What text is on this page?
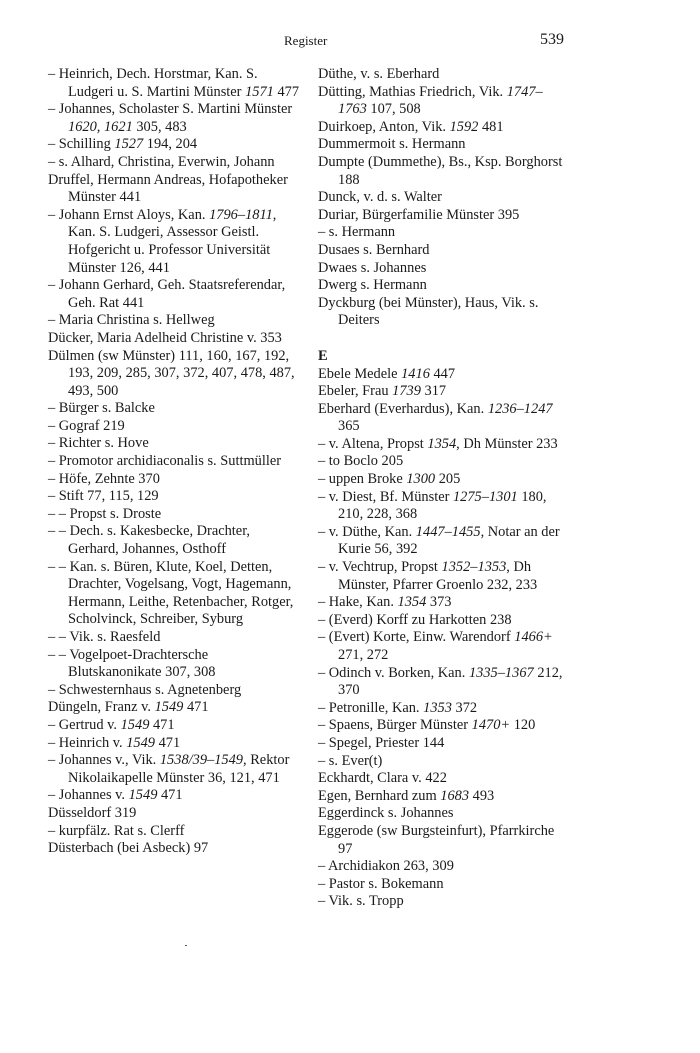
Register	539

– Heinrich, Dech. Horstmar, Kan. S. Ludgeri u. S. Martini Münster 1571 477

– Johannes, Scholaster S. Martini Münster 1620, 1621 305, 483

– Schilling 1527 194, 204

– s. Alhard, Christina, Everwin, Johann

Druffel, Hermann Andreas, Hofapotheker Münster 441

– Johann Ernst Aloys, Kan. 1796–1811, Kan. S. Ludgeri, Assessor Geistl. Hofgericht u. Professor Universität Münster 126, 441

– Johann Gerhard, Geh. Staatsreferendar, Geh. Rat 441

– Maria Christina s. Hellweg

Dücker, Maria Adelheid Christine v. 353

Dülmen (sw Münster) 111, 160, 167, 192, 193, 209, 285, 307, 372, 407, 478, 487, 493, 500

– Bürger s. Balcke

– Gograf 219

– Richter s. Hove

– Promotor archidiaconalis s. Suttmüller

– Höfe, Zehnte 370

– Stift 77, 115, 129

– – Propst s. Droste

– – Dech. s. Kakesbecke, Drachter, Gerhard, Johannes, Osthoff

– – Kan. s. Büren, Klute, Koel, Detten, Drachter, Vogelsang, Vogt, Hagemann, Hermann, Leithe, Retenbacher, Rotger, Scholvinck, Schreiber, Syburg

– – Vik. s. Raesfeld

– – Vogelpoet-Drachtersche Blutskanonikate 307, 308

– Schwesternhaus s. Agnetenberg

Düngeln, Franz v. 1549 471

– Gertrud v. 1549 471

– Heinrich v. 1549 471

– Johannes v., Vik. 1538/39–1549, Rektor Nikolaikapelle Münster 36, 121, 471

– Johannes v. 1549 471

Düsseldorf 319

– kurpfälz. Rat s. Clerff

Düsterbach (bei Asbeck) 97

Düthe, v. s. Eberhard

Dütting, Mathias Friedrich, Vik. 1747–1763 107, 508

Duirkoep, Anton, Vik. 1592 481

Dummermoit s. Hermann

Dumpte (Dummethe), Bs., Ksp. Borghorst 188

Dunck, v. d. s. Walter

Duriar, Bürgerfamilie Münster 395

– s. Hermann

Dusaes s. Bernhard

Dwaes s. Johannes

Dwerg s. Hermann

Dyckburg (bei Münster), Haus, Vik. s. Deiters

E

Ebele Medele 1416 447

Ebeler, Frau 1739 317

Eberhard (Everhardus), Kan. 1236–1247 365

– v. Altena, Propst 1354, Dh Münster 233

– to Boclo 205

– uppen Broke 1300 205

– v. Diest, Bf. Münster 1275–1301 180, 210, 228, 368

– v. Düthe, Kan. 1447–1455, Notar an der Kurie 56, 392

– v. Vechtrup, Propst 1352–1353, Dh Münster, Pfarrer Groenlo 232, 233

– Hake, Kan. 1354 373

– (Everd) Korff zu Harkotten 238

– (Evert) Korte, Einw. Warendorf 1466+ 271, 272

– Odinch v. Borken, Kan. 1335–1367 212, 370

– Petronille, Kan. 1353 372

– Spaens, Bürger Münster 1470+ 120

– Spegel, Priester 144

– s. Ever(t)

Eckhardt, Clara v. 422

Egen, Bernhard zum 1683 493

Eggerdinck s. Johannes

Eggerode (sw Burgsteinfurt), Pfarrkirche 97

– Archidiakon 263, 309

– Pastor s. Bokemann

– Vik. s. Tropp
